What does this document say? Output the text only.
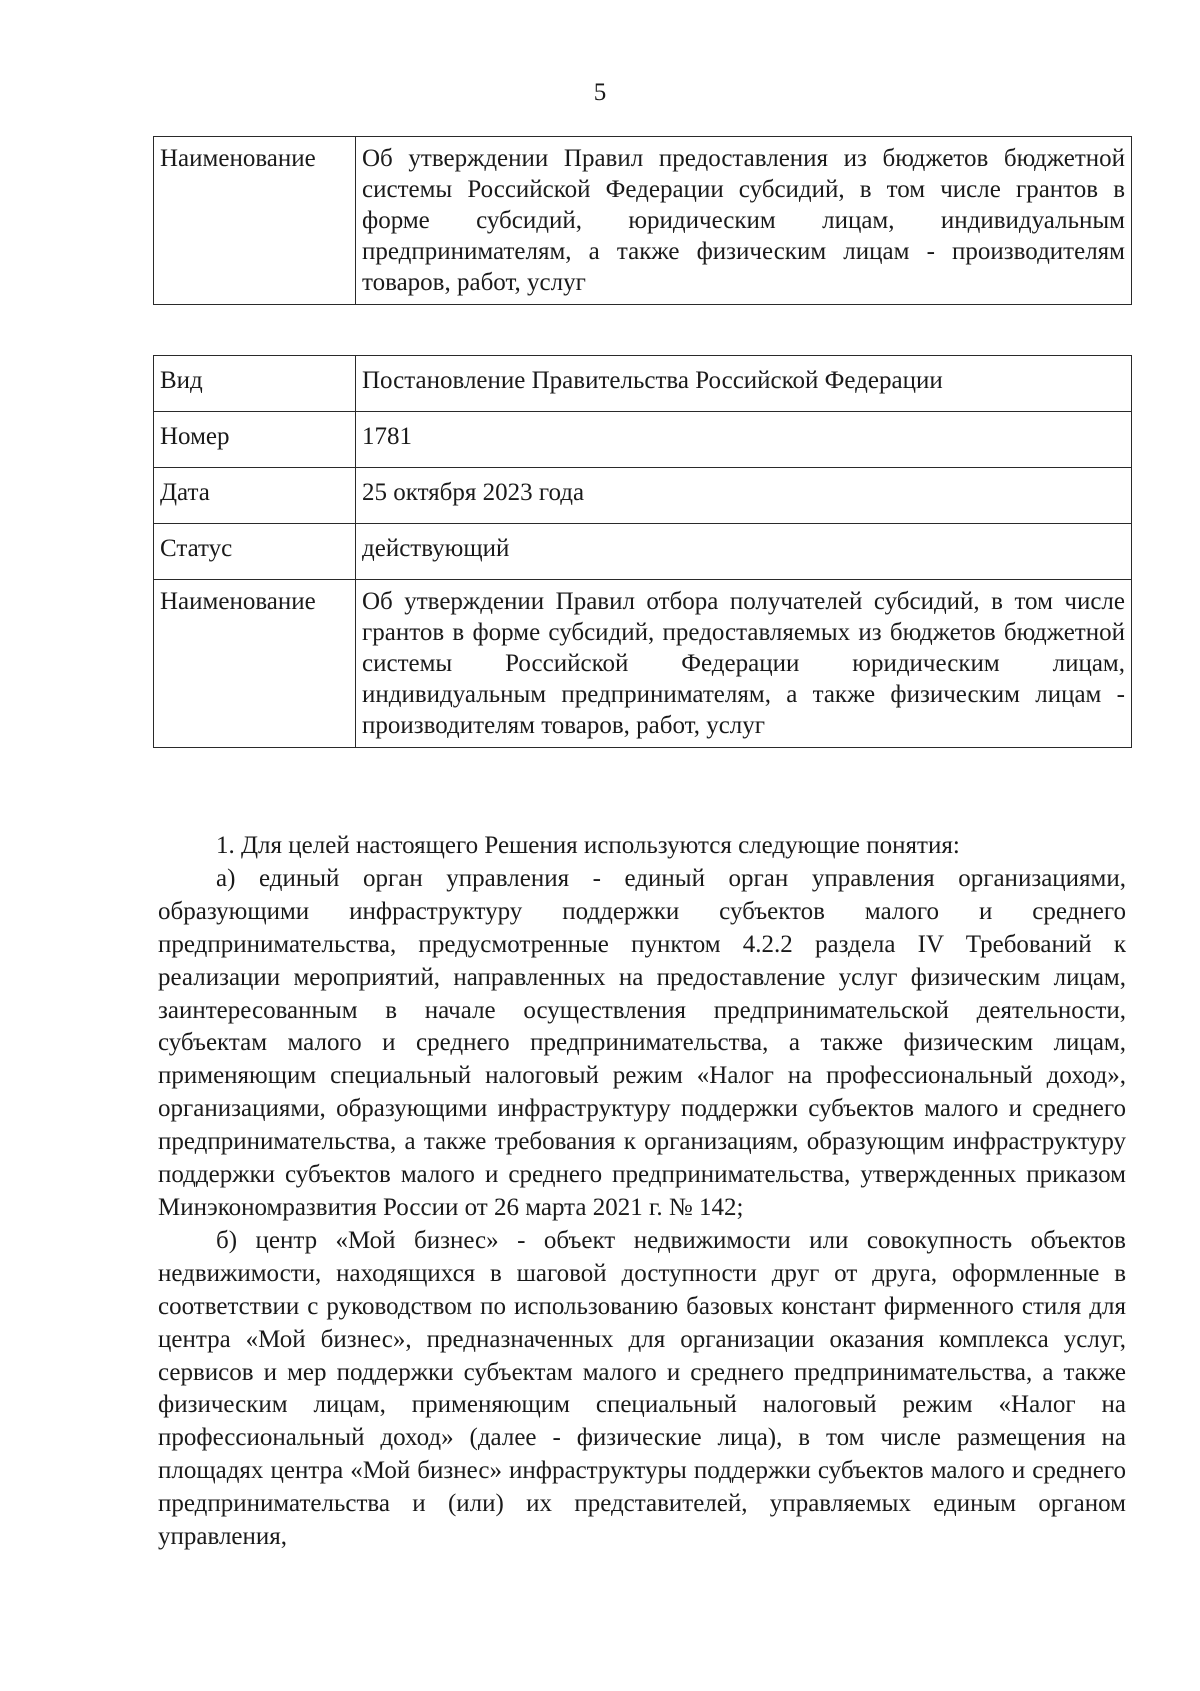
5
Наименование	Об утверждении Правил предоставления из бюджетов бюджетной системы Российской Федерации субсидий, в том числе грантов в форме субсидий, юридическим лицам, индивидуальным предпринимателям, а также физическим лицам - производителям товаров, работ, услуг
Вид	Постановление Правительства Российской Федерации
Номер	1781
Дата	25 октября 2023 года
Статус	действующий
Наименование	Об утверждении Правил отбора получателей субсидий, в том числе грантов в форме субсидий, предоставляемых из бюджетов бюджетной системы Российской Федерации юридическим лицам, индивидуальным предпринимателям, а также физическим лицам - производителям товаров, работ, услуг

1. Для целей настоящего Решения используются следующие понятия:

а) единый орган управления - единый орган управления организациями, образующими инфраструктуру поддержки субъектов малого и среднего предпринимательства, предусмотренные пунктом 4.2.2 раздела IV Требований к реализации мероприятий, направленных на предоставление услуг физическим лицам, заинтересованным в начале осуществления предпринимательской деятельности, субъектам малого и среднего предпринимательства, а также физическим лицам, применяющим специальный налоговый режим «Налог на профессиональный доход», организациями, образующими инфраструктуру поддержки субъектов малого и среднего предпринимательства, а также требования к организациям, образующим инфраструктуру поддержки субъектов малого и среднего предпринимательства, утвержденных приказом Минэкономразвития России от 26 марта 2021 г. № 142;

б) центр «Мой бизнес» - объект недвижимости или совокупность объектов недвижимости, находящихся в шаговой доступности друг от друга, оформленные в соответствии с руководством по использованию базовых констант фирменного стиля для центра «Мой бизнес», предназначенных для организации оказания комплекса услуг, сервисов и мер поддержки субъектам малого и среднего предпринимательства, а также физическим лицам, применяющим специальный налоговый режим «Налог на профессиональный доход» (далее - физические лица), в том числе размещения на площадях центра «Мой бизнес» инфраструктуры поддержки субъектов малого и среднего предпринимательства и (или) их представителей, управляемых единым органом управления,
